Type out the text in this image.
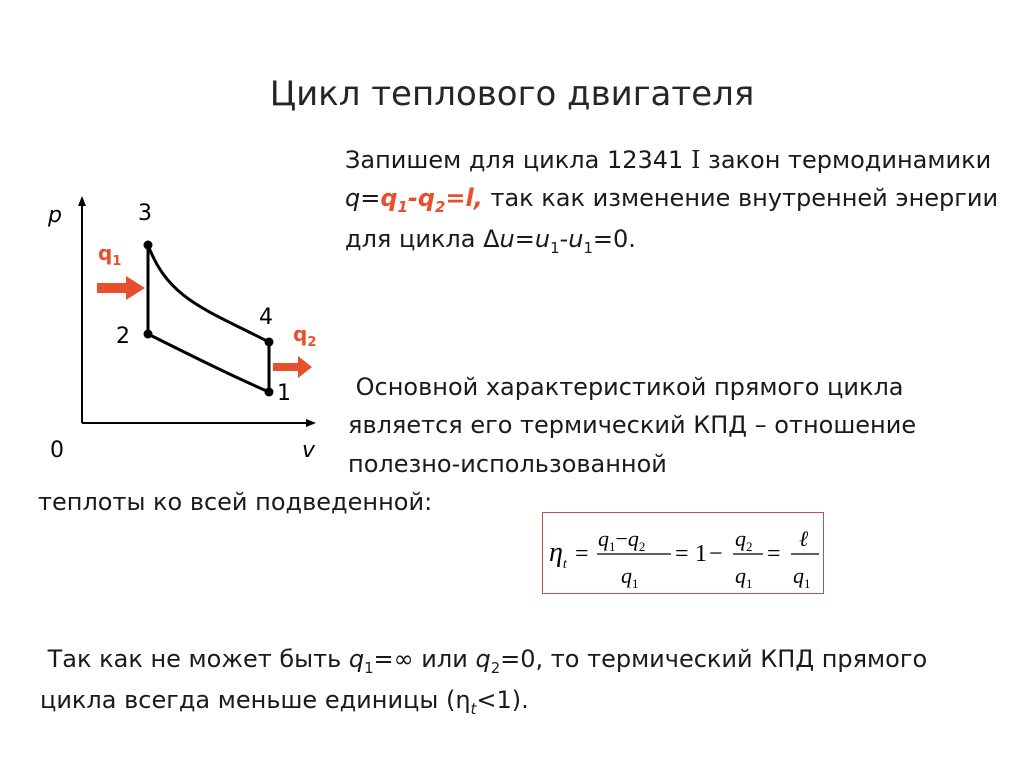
Цикл теплового двигателя
p
v
0
1
2
3
4
$q_1$
$q_2$
Запишем для цикла 12341 I закон термодинамики $q=q_1-q_2=l$, так как изменение внутренней энергии для цикла $\Delta u=u_1-u_1=0$.
Основной характеристикой прямого цикла является его термический КПД – отношение полезно-использованной
теплоты ко всей подведенной:
$\eta_t$ =
$q_1-q_2$
$q_1$
= 1 −
$q_2$
$q_1$
=
ℓ
$q_1$
Так как не может быть $q_1=\infty$ или $q_2=0$, то термический КПД прямого цикла всегда меньше единицы $(\eta_t<1)$.
